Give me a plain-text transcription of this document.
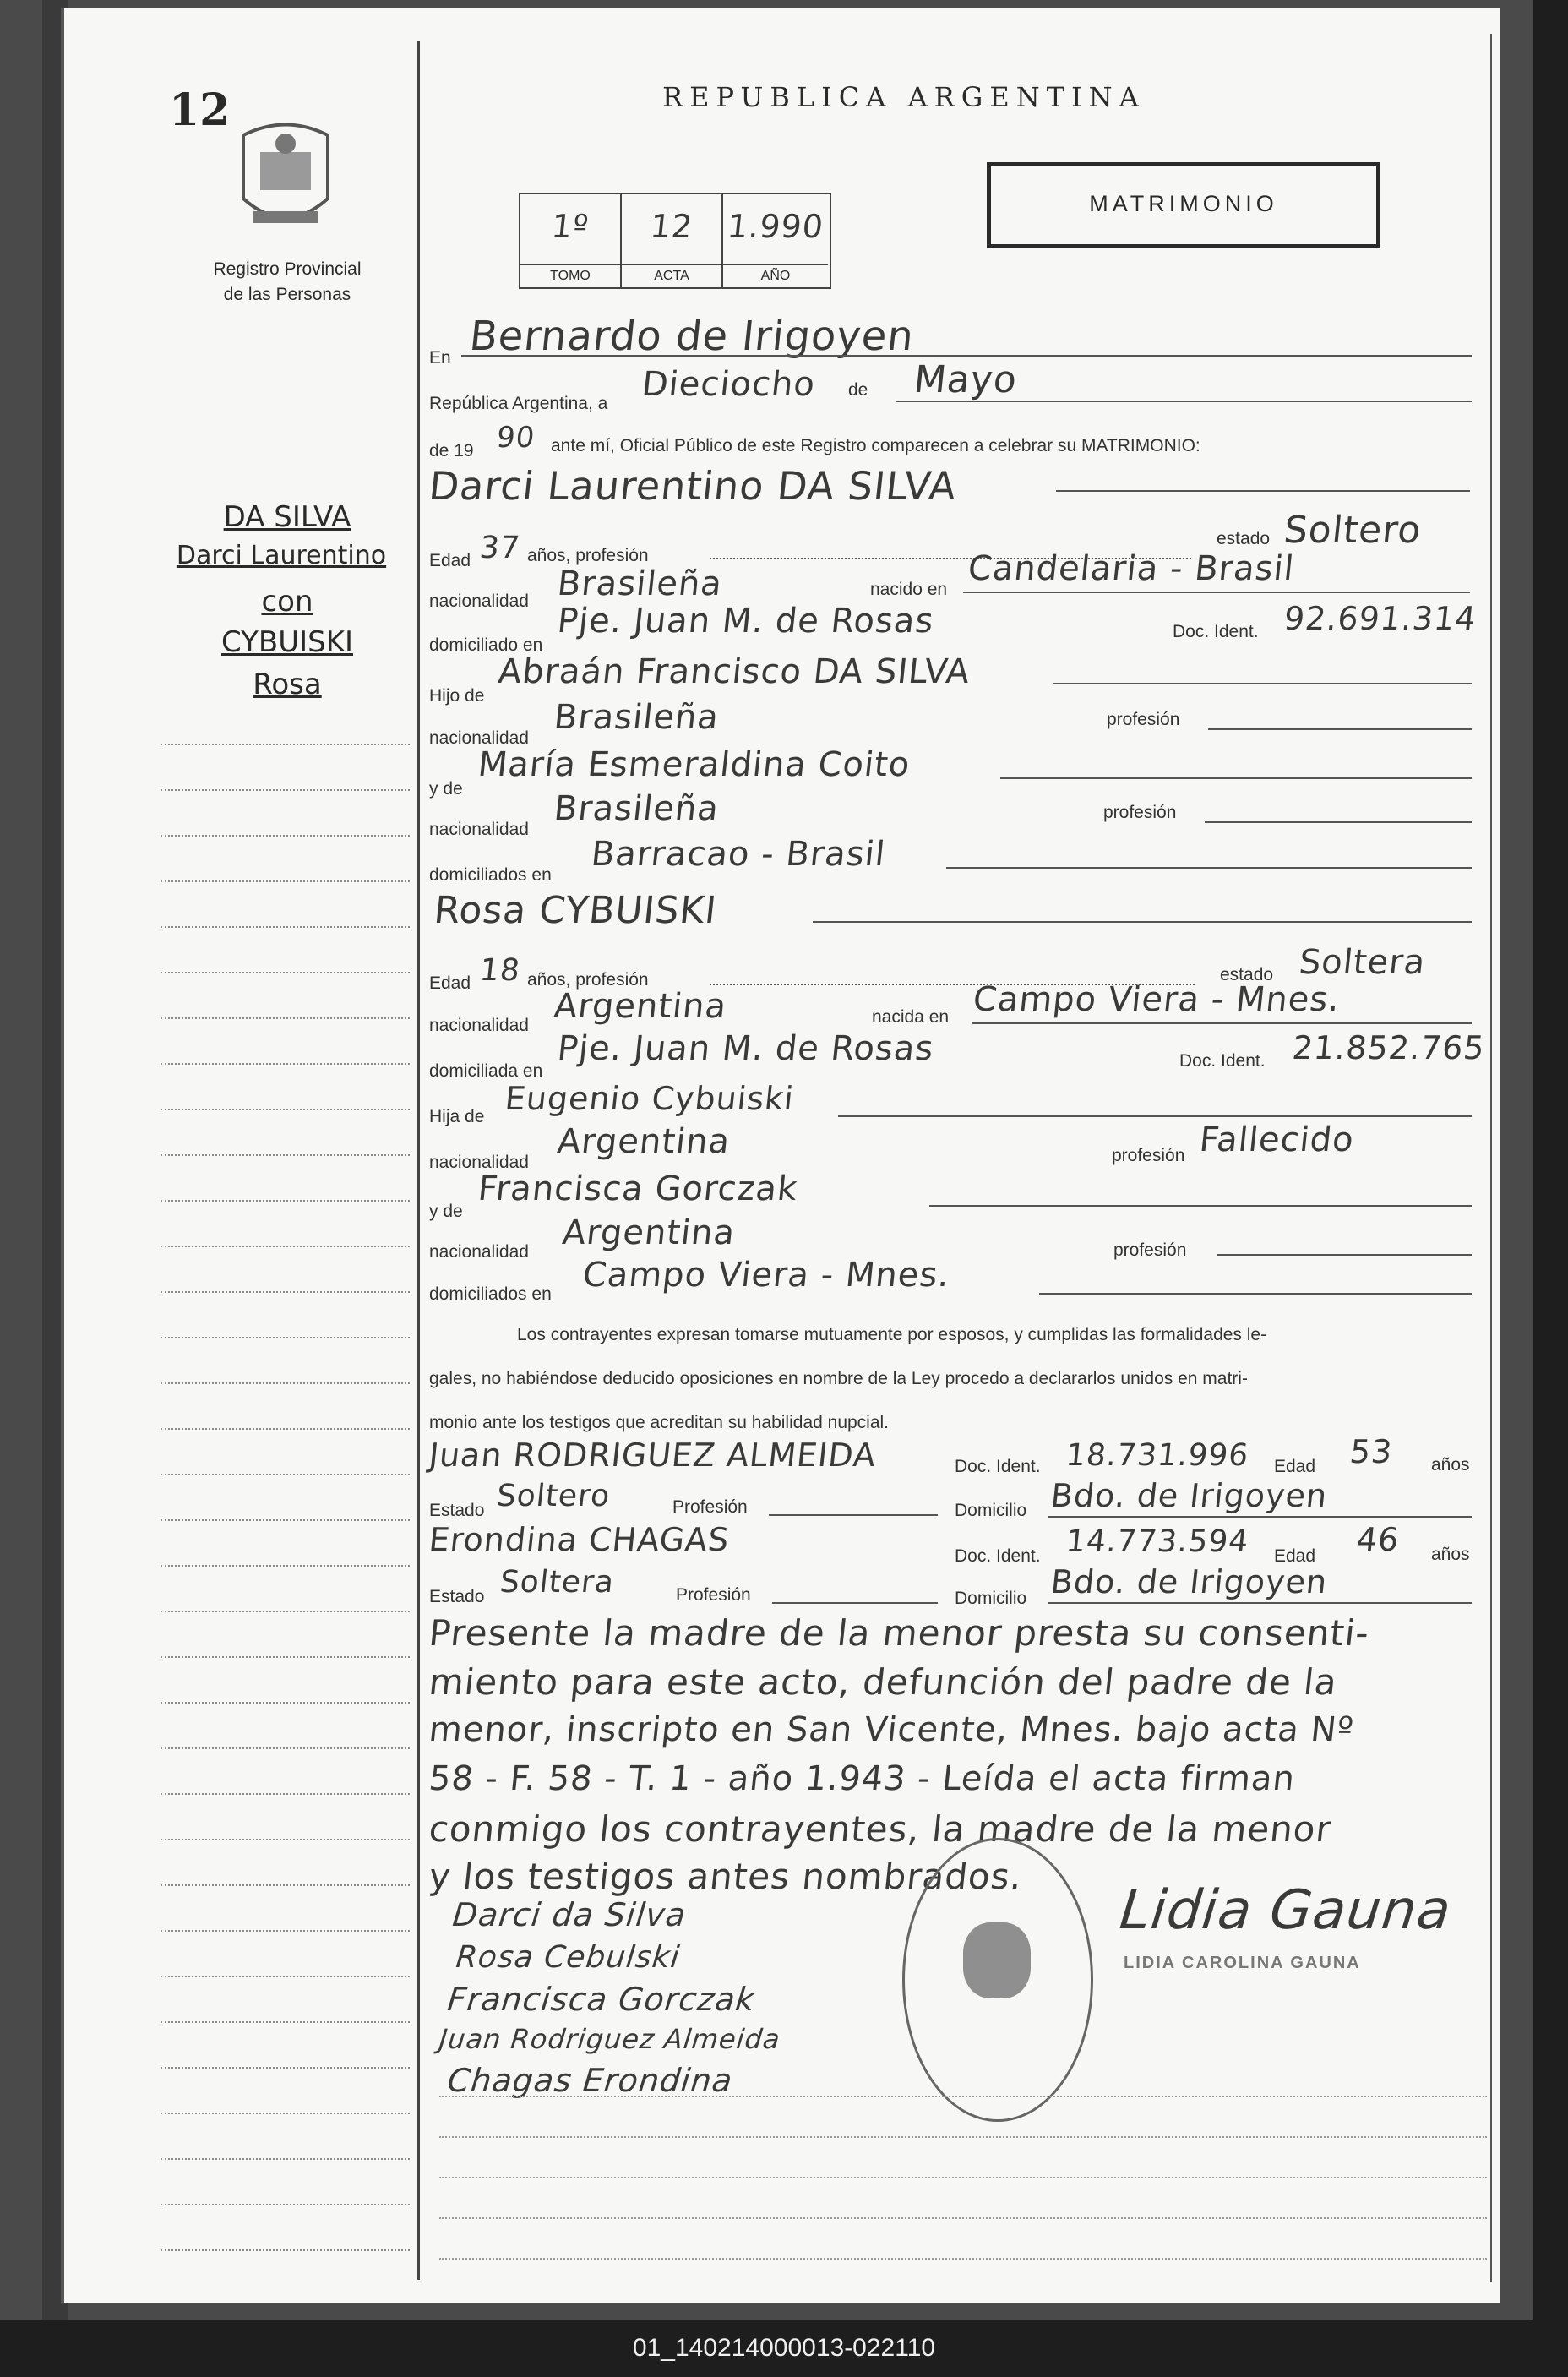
12
Registro Provincial
de las Personas
REPUBLICA ARGENTINA
MATRIMONIO
1º
TOMO
12
ACTA
1.990
AÑO
DA SILVA
Darci Laurentino
con
CYBUISKI
Rosa
En Bernardo de Irigoyen
República Argentina, a Dieciocho de Mayo
de 19 90 ante mí, Oficial Público de este Registro comparecen a celebrar su MATRIMONIO:
Darci Laurentino DA SILVA
Edad 37 años, profesión
estado Soltero
nacionalidad Brasileña	nacido en
Candelaria - Brasil
domiciliado en
Pje. Juan M. de Rosas	Doc. Ident. 92.691.314
Hijo de
Abraán Francisco DA SILVA
nacionalidad
Brasileña	profesión
y de
María Esmeraldina Coito
nacionalidad
Brasileña	profesión
domiciliados en
Barracao - Brasil
Rosa CYBUISKI
Edad 18 años, profesión	estado Soltera
nacionalidad Argentina	nacida en Campo Viera - Mnes.
domiciliada en
Pje. Juan M. de Rosas	Doc. Ident. 21.852.765
Hija de Eugenio Cybuiski
nacionalidad
Argentina	profesión Fallecido
y de
Francisca Gorczak
nacionalidad Argentina	profesión
domiciliados en Campo Viera - Mnes.
Los contrayentes expresan tomarse mutuamente por esposos, y cumplidas las formalidades le-
gales, no habiéndose deducido oposiciones en nombre de la Ley procedo a declararlos unidos en matri-
monio ante los testigos que acreditan su habilidad nupcial.
Juan RODRIGUEZ ALMEIDA	Doc. Ident. 18.731.996 Edad 53 años
Estado Soltero	Profesión	Domicilio Bdo. de Irigoyen
Erondina CHAGAS	Doc. Ident. 14.773.594 Edad 46 años
Estado Soltera	Profesión	Domicilio Bdo. de Irigoyen
Presente la madre de la menor presta su consenti-
miento para este acto, defunción del padre de la
menor, inscripto en San Vicente, Mnes. bajo acta Nº
58 - F. 58 - T. 1 - año 1.943 - Leída el acta firman
conmigo los contrayentes, la madre de la menor
y los testigos antes nombrados.
Darci da Silva
Rosa Cebulski
Francisca Gorczak
Juan Rodriguez Almeida
Chagas Erondina
Lidia Gauna
LIDIA CAROLINA GAUNA
01_140214000013-022110
